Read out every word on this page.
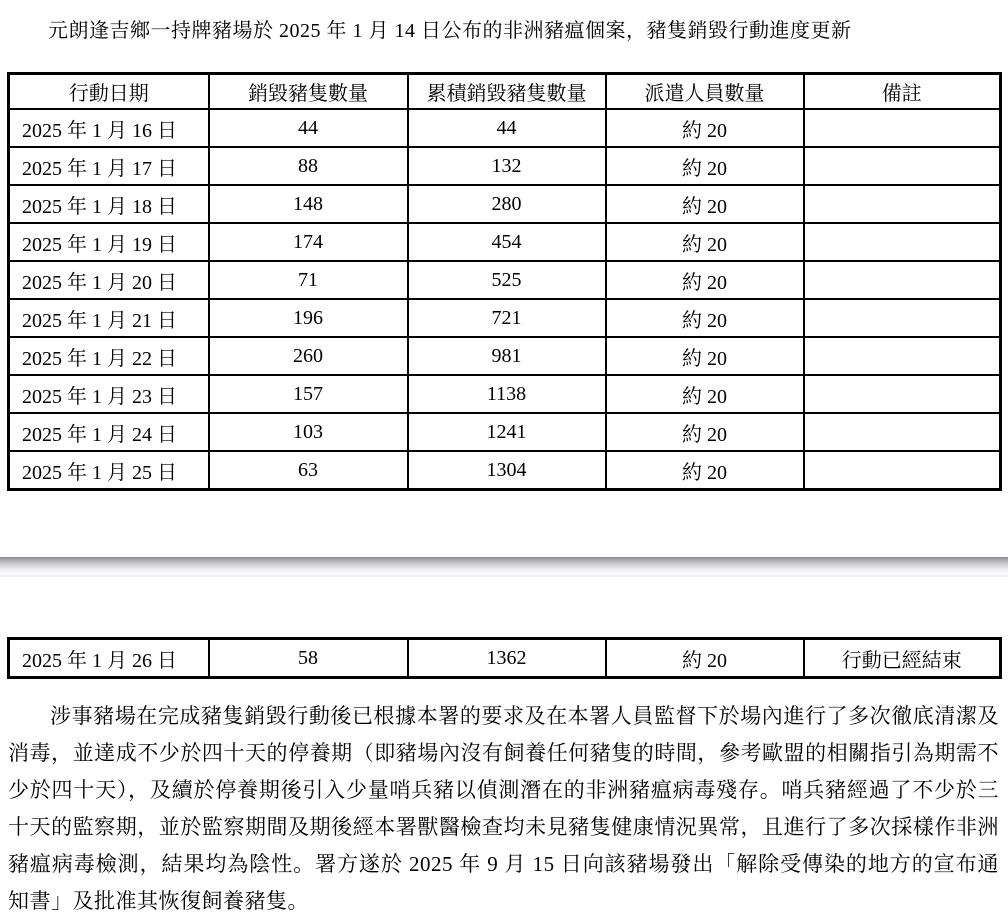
元朗逢吉鄉一持牌豬場於 2025 年 1 月 14 日公布的非洲豬瘟個案，豬隻銷毀行動進度更新

行動日期	銷毀豬隻數量	累積銷毀豬隻數量	派遣人員數量	備註
2025 年 1 月 16 日	44	44	約 20	
2025 年 1 月 17 日	88	132	約 20	
2025 年 1 月 18 日	148	280	約 20	
2025 年 1 月 19 日	174	454	約 20	
2025 年 1 月 20 日	71	525	約 20	
2025 年 1 月 21 日	196	721	約 20	
2025 年 1 月 22 日	260	981	約 20	
2025 年 1 月 23 日	157	1138	約 20	
2025 年 1 月 24 日	103	1241	約 20	
2025 年 1 月 25 日	63	1304	約 20	
2025 年 1 月 26 日	58	1362	約 20	行動已經結束

涉事豬場在完成豬隻銷毀行動後已根據本署的要求及在本署人員監督下於場內進行了多次徹底清潔及消毒，並達成不少於四十天的停養期（即豬場內沒有飼養任何豬隻的時間，參考歐盟的相關指引為期需不少於四十天），及續於停養期後引入少量哨兵豬以偵測潛在的非洲豬瘟病毒殘存。哨兵豬經過了不少於三十天的監察期，並於監察期間及期後經本署獸醫檢查均未見豬隻健康情況異常，且進行了多次採樣作非洲豬瘟病毒檢測，結果均為陰性。署方遂於 2025 年 9 月 15 日向該豬場發出「解除受傳染的地方的宣布通知書」及批准其恢復飼養豬隻。
